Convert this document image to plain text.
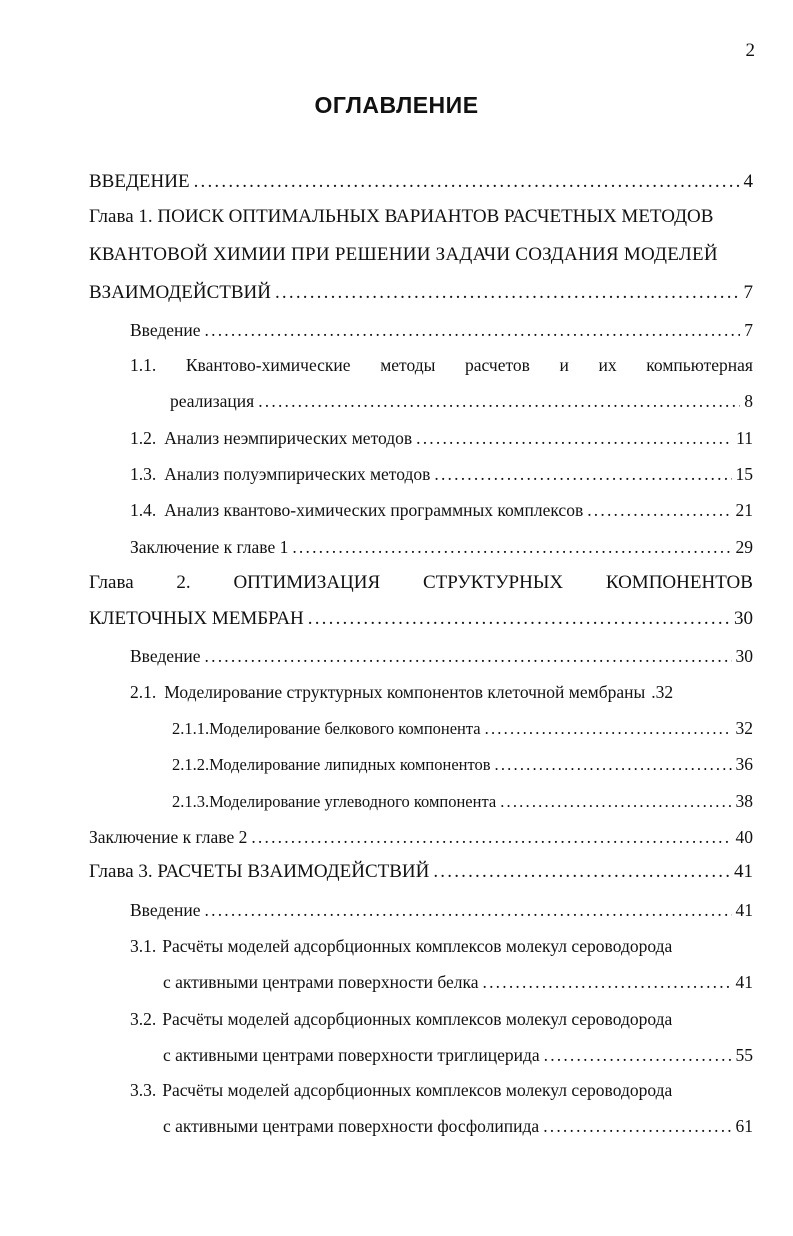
2
ОГЛАВЛЕНИЕ
ВВЕДЕНИЕ .....	4
Глава 1. ПОИСК ОПТИМАЛЬНЫХ ВАРИАНТОВ РАСЧЕТНЫХ МЕТОДОВ
КВАНТОВОЙ ХИМИИ ПРИ РЕШЕНИИ ЗАДАЧИ СОЗДАНИЯ МОДЕЛЕЙ
ВЗАИМОДЕЙСТВИЙ .....	7
Введение .....	7
1.1. Квантово-химические методы расчетов и их компьютерная
реализация .....	8
1.2. Анализ неэмпирических методов .....	11
1.3. Анализ полуэмпирических методов .....	15
1.4. Анализ квантово-химических программных комплексов .....	21
Заключение к главе 1 .....	29
Глава 2. ОПТИМИЗАЦИЯ СТРУКТУРНЫХ КОМПОНЕНТОВ
КЛЕТОЧНЫХ МЕМБРАН .....	30
Введение .....	30
2.1. Моделирование структурных компонентов клеточной мембраны .32
2.1.1. Моделирование белкового компонента .....	32
2.1.2. Моделирование липидных компонентов .....	36
2.1.3. Моделирование углеводного компонента .....	38
Заключение к главе 2 .....	40
Глава 3. РАСЧЕТЫ ВЗАИМОДЕЙСТВИЙ .....	41
Введение .....	41
3.1. Расчёты моделей адсорбционных комплексов молекул сероводорода
с активными центрами поверхности белка .....	41
3.2. Расчёты моделей адсорбционных комплексов молекул сероводорода
с активными центрами поверхности триглицерида .....	55
3.3. Расчёты моделей адсорбционных комплексов молекул сероводорода
с активными центрами поверхности фосфолипида .....	61
